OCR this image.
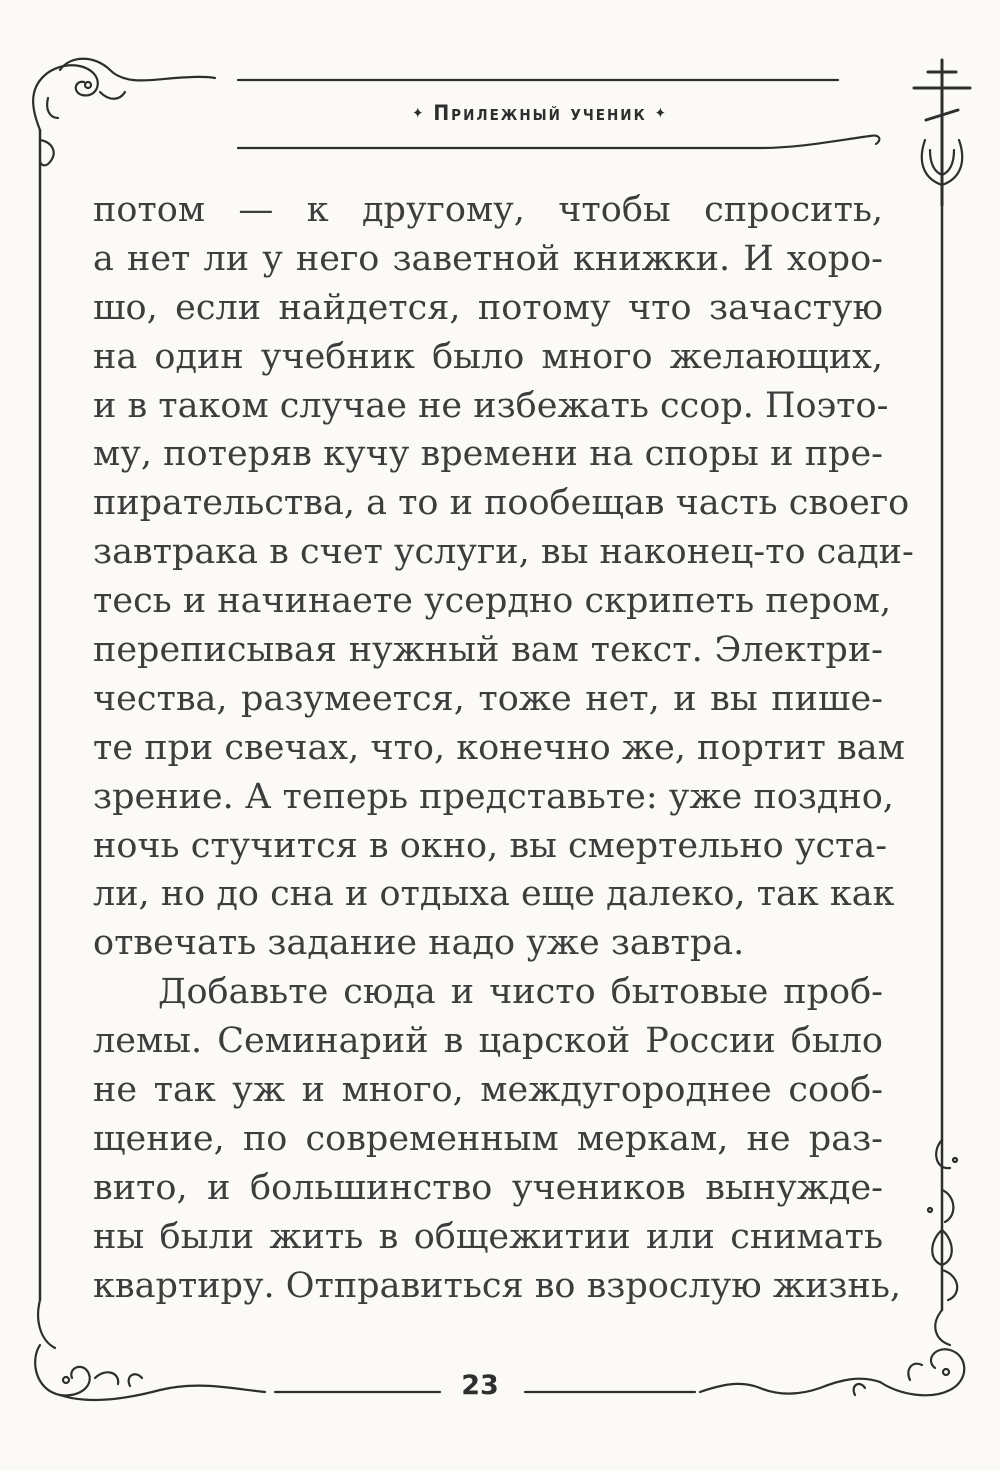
✦ Прилежный ученик ✦
потом — к другому, чтобы спросить,
а нет ли у него заветной книжки. И хоро-
шо, если найдется, потому что зачастую
на один учебник было много желающих,
и в таком случае не избежать ссор. Поэто-
му, потеряв кучу времени на споры и пре-
пирательства, а то и пообещав часть своего
завтрака в счет услуги, вы наконец-то сади-
тесь и начинаете усердно скрипеть пером,
переписывая нужный вам текст. Электри-
чества, разумеется, тоже нет, и вы пише-
те при свечах, что, конечно же, портит вам
зрение. А теперь представьте: уже поздно,
ночь стучится в окно, вы смертельно уста-
ли, но до сна и отдыха еще далеко, так как
отвечать задание надо уже завтра.
Добавьте сюда и чисто бытовые проб-
лемы. Семинарий в царской России было
не так уж и много, междугороднее сооб-
щение, по современным меркам, не раз-
вито, и большинство учеников вынужде-
ны были жить в общежитии или снимать
квартиру. Отправиться во взрослую жизнь,
23
